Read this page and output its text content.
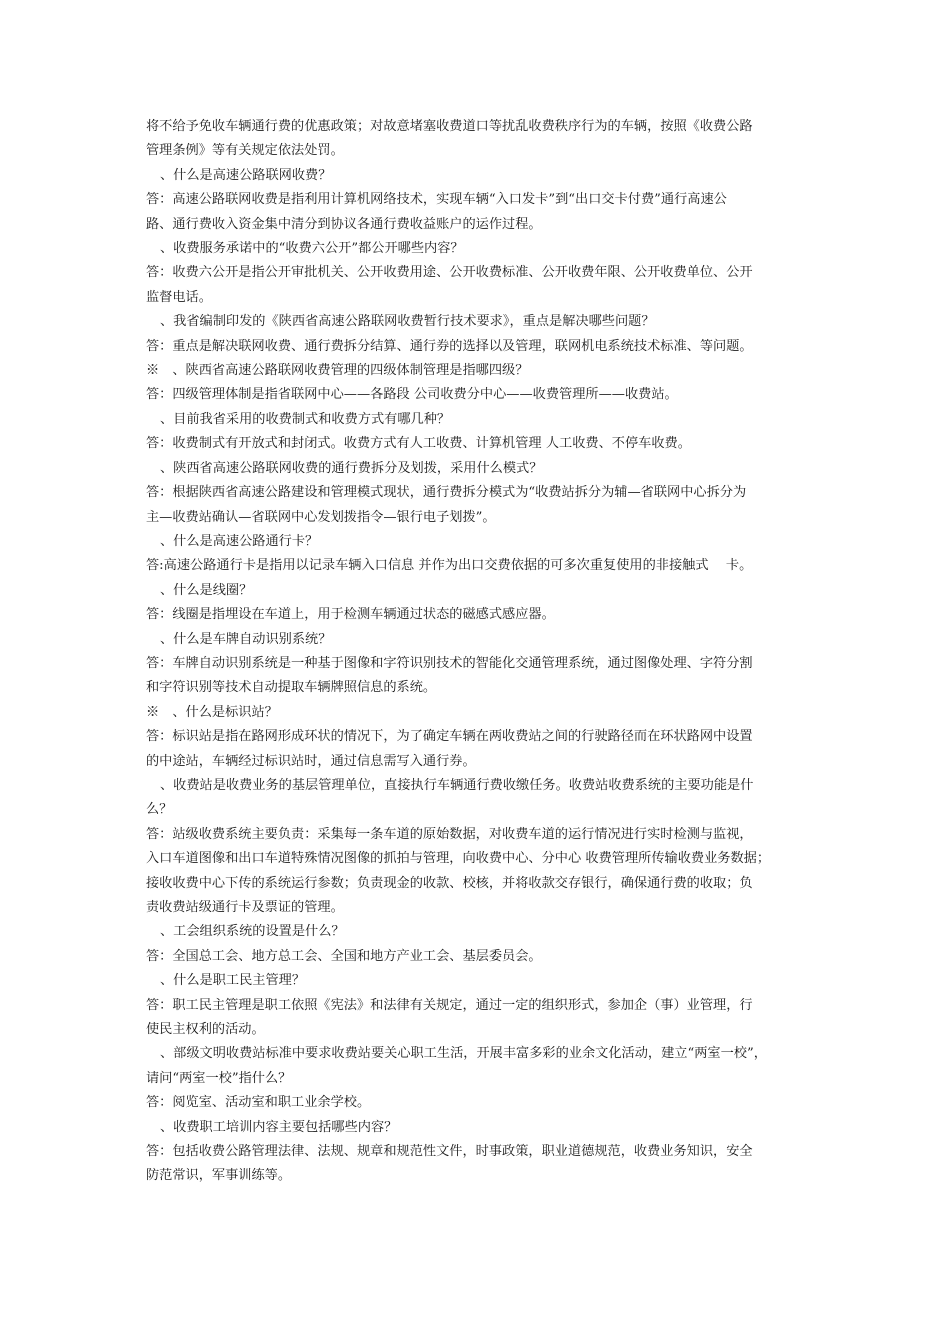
将不给予免收车辆通行费的优惠政策；对故意堵塞收费道口等扰乱收费秩序行为的车辆，按照《收费公路

管理条例》等有关规定依法处罚。

、什么是高速公路联网收费？

答：高速公路联网收费是指利用计算机网络技术，实现车辆“入口发卡”到“出口交卡付费”通行高速公

路、通行费收入资金集中清分到协议各通行费收益账户的运作过程。

、收费服务承诺中的“收费六公开”都公开哪些内容？

答：收费六公开是指公开审批机关、公开收费用途、公开收费标准、公开收费年限、公开收费单位、公开

监督电话。

、我省编制印发的《陕西省高速公路联网收费暂行技术要求》，重点是解决哪些问题？

答：重点是解决联网收费、通行费拆分结算、通行券的选择以及管理，联网机电系统技术标准、等问题。

※　、陕西省高速公路联网收费管理的四级体制管理是指哪四级？

答：四级管理体制是指省联网中心——各路段 公司收费分中心——收费管理所——收费站。

、目前我省采用的收费制式和收费方式有哪几种？

答：收费制式有开放式和封闭式。收费方式有人工收费、计算机管理 人工收费、不停车收费。

、陕西省高速公路联网收费的通行费拆分及划拨，采用什么模式？

答：根据陕西省高速公路建设和管理模式现状，通行费拆分模式为“收费站拆分为辅—省联网中心拆分为

主—收费站确认—省联网中心发划拨指令—银行电子划拨”。

、什么是高速公路通行卡？

答:高速公路通行卡是指用以记录车辆入口信息 并作为出口交费依据的可多次重复使用的非接触式　 卡。

、什么是线圈？

答：线圈是指埋设在车道上，用于检测车辆通过状态的磁感式感应器。

、什么是车牌自动识别系统？

答：车牌自动识别系统是一种基于图像和字符识别技术的智能化交通管理系统，通过图像处理、字符分割

和字符识别等技术自动提取车辆牌照信息的系统。

※　、什么是标识站？

答：标识站是指在路网形成环状的情况下，为了确定车辆在两收费站之间的行驶路径而在环状路网中设置

的中途站，车辆经过标识站时，通过信息需写入通行券。

、收费站是收费业务的基层管理单位，直接执行车辆通行费收缴任务。收费站收费系统的主要功能是什

么？

答：站级收费系统主要负责：采集每一条车道的原始数据，对收费车道的运行情况进行实时检测与监视，

入口车道图像和出口车道特殊情况图像的抓拍与管理，向收费中心、分中心 收费管理所传输收费业务数据；

接收收费中心下传的系统运行参数；负责现金的收款、校核，并将收款交存银行，确保通行费的收取；负

责收费站级通行卡及票证的管理。

、工会组织系统的设置是什么？

答：全国总工会、地方总工会、全国和地方产业工会、基层委员会。

、什么是职工民主管理？

答：职工民主管理是职工依照《宪法》和法律有关规定，通过一定的组织形式，参加企（事）业管理，行

使民主权利的活动。

、部级文明收费站标准中要求收费站要关心职工生活，开展丰富多彩的业余文化活动，建立“两室一校”，

请问“两室一校”指什么？

答：阅览室、活动室和职工业余学校。

、收费职工培训内容主要包括哪些内容？

答：包括收费公路管理法律、法规、规章和规范性文件，时事政策，职业道德规范，收费业务知识，安全

防范常识，军事训练等。
